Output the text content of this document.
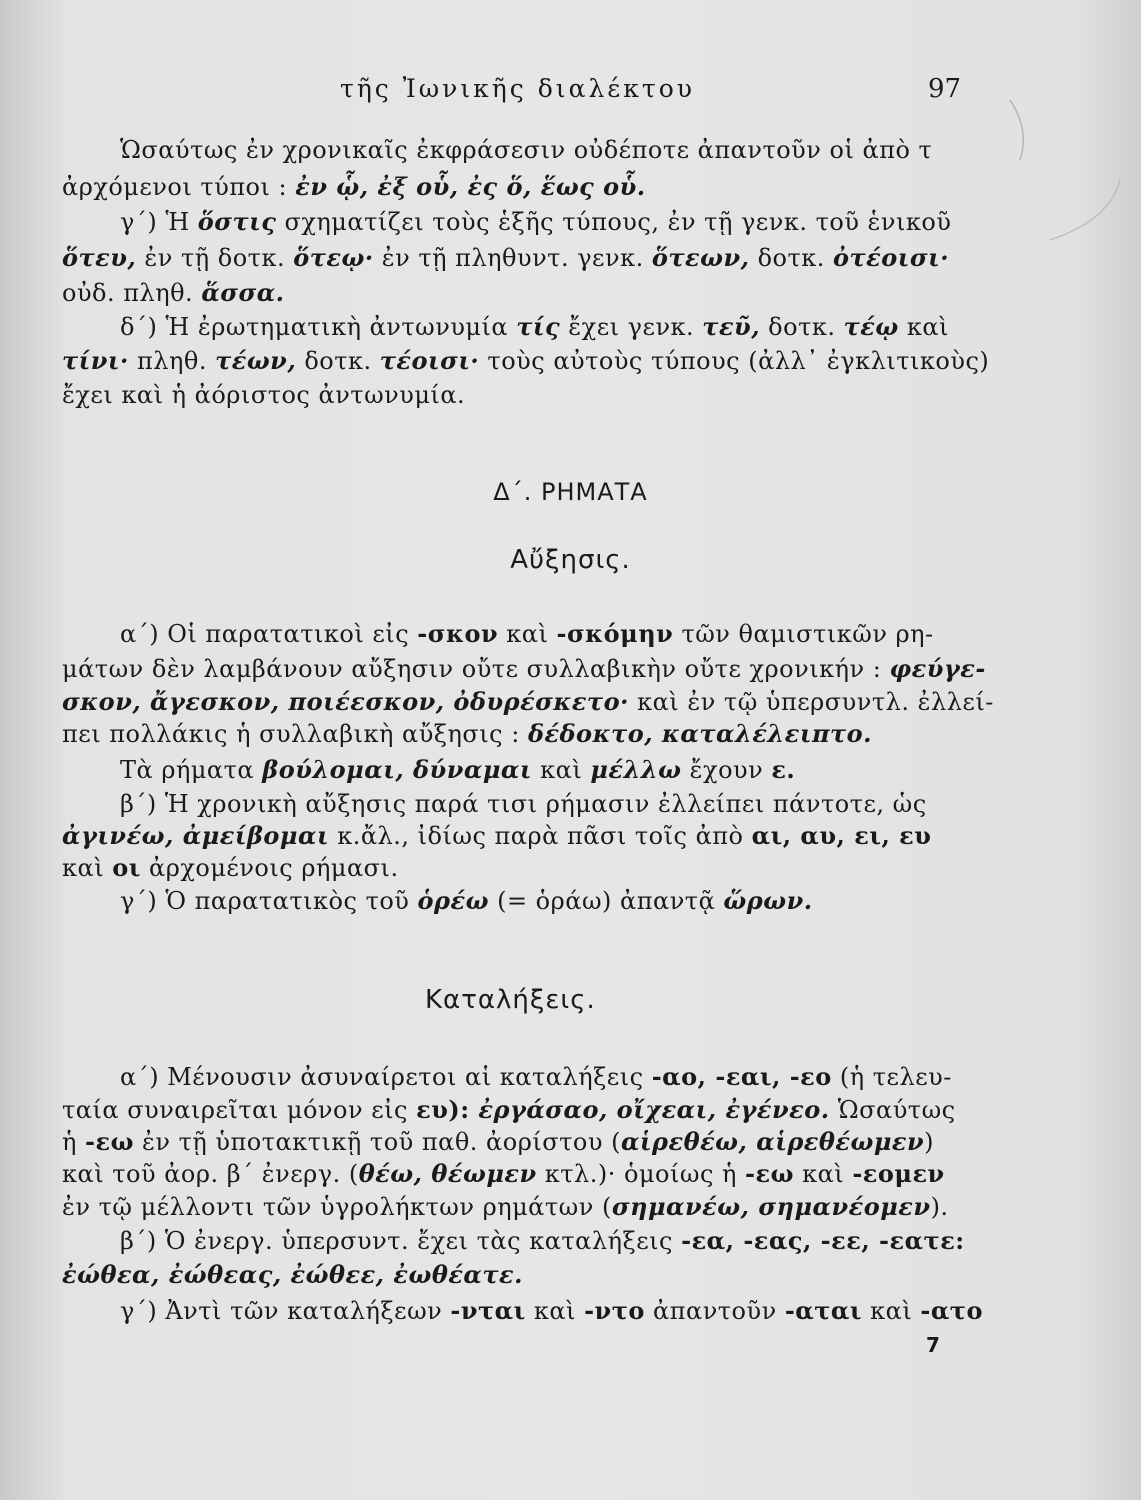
τῆς Ἰωνικῆς διαλέκτου	97
Ὡσαύτως ἐν χρονικαῖς ἐκφράσεσιν οὐδέποτε ἀπαντοῦν οἱ ἀπὸ τ
ἀρχόμενοι τύποι : ἐν ᾧ, ἐξ οὗ, ἐς ὅ, ἕως οὗ.
γ΄) Ἡ ὅστις σχηματίζει τοὺς ἑξῆς τύπους, ἐν τῇ γενκ. τοῦ ἑνικοῦ
ὅτευ, ἐν τῇ δοτκ. ὅτεῳ· ἐν τῇ πληθυντ. γενκ. ὅτεων, δοτκ. ὀτέοισι·
οὐδ. πληθ. ἅσσα.
δ΄) Ἡ ἐρωτηματικὴ ἀντωνυμία τίς ἔχει γενκ. τεῦ, δοτκ. τέῳ καὶ
τίνι· πληθ. τέων, δοτκ. τέοισι· τοὺς αὐτοὺς τύπους (ἀλλ᾿ ἐγκλιτικοὺς)
ἔχει καὶ ἡ ἀόριστος ἀντωνυμία.
Δ΄. ΡΗΜΑΤΑ
Αὔξησις.
α΄) Οἱ παρατατικοὶ εἰς -σκον καὶ -σκόμην τῶν θαμιστικῶν ρη-
μάτων δὲν λαμβάνουν αὔξησιν οὔτε συλλαβικὴν οὔτε χρονικήν : φεύγε-
σκον, ἄγεσκον, ποιέεσκον, ὀδυρέσκετο· καὶ ἐν τῷ ὑπερσυντλ. ἐλλεί-
πει πολλάκις ἡ συλλαβικὴ αὔξησις : δέδοκτο, καταλέλειπτο.
Τὰ ρήματα βούλομαι, δύναμαι καὶ μέλλω ἔχουν ε.
β΄) Ἡ χρονικὴ αὔξησις παρά τισι ρήμασιν ἐλλείπει πάντοτε, ὡς
ἀγινέω, ἀμείβομαι κ.ἄλ., ἰδίως παρὰ πᾶσι τοῖς ἀπὸ αι, αυ, ει, ευ
καὶ οι ἀρχομένοις ρήμασι.
γ΄) Ὁ παρατατικὸς τοῦ ὁρέω (= ὁράω) ἀπαντᾷ ὥρων.
Καταλήξεις.
α΄) Μένουσιν ἀσυναίρετοι αἱ καταλήξεις -αο, -εαι, -εο (ἡ τελευ-
ταία συναιρεῖται μόνον εἰς ευ): ἐργάσαο, οἴχεαι, ἐγένεο. Ὡσαύτως
ἡ -εω ἐν τῇ ὑποτακτικῇ τοῦ παθ. ἀορίστου (αἱρεθέω, αἱρεθέωμεν)
καὶ τοῦ ἀορ. β΄ ἐνεργ. (θέω, θέωμεν κτλ.)· ὁμοίως ἡ -εω καὶ -εομεν
ἐν τῷ μέλλοντι τῶν ὑγρολήκτων ρημάτων (σημανέω, σημανέομεν).
β΄) Ὁ ἐνεργ. ὑπερσυντ. ἔχει τὰς καταλήξεις -εα, -εας, -εε, -εατε:
ἐώθεα, ἐώθεας, ἐώθεε, ἐωθέατε.
γ΄) Ἀντὶ τῶν καταλήξεων -νται καὶ -ντο ἀπαντοῦν -αται καὶ -ατο
7
